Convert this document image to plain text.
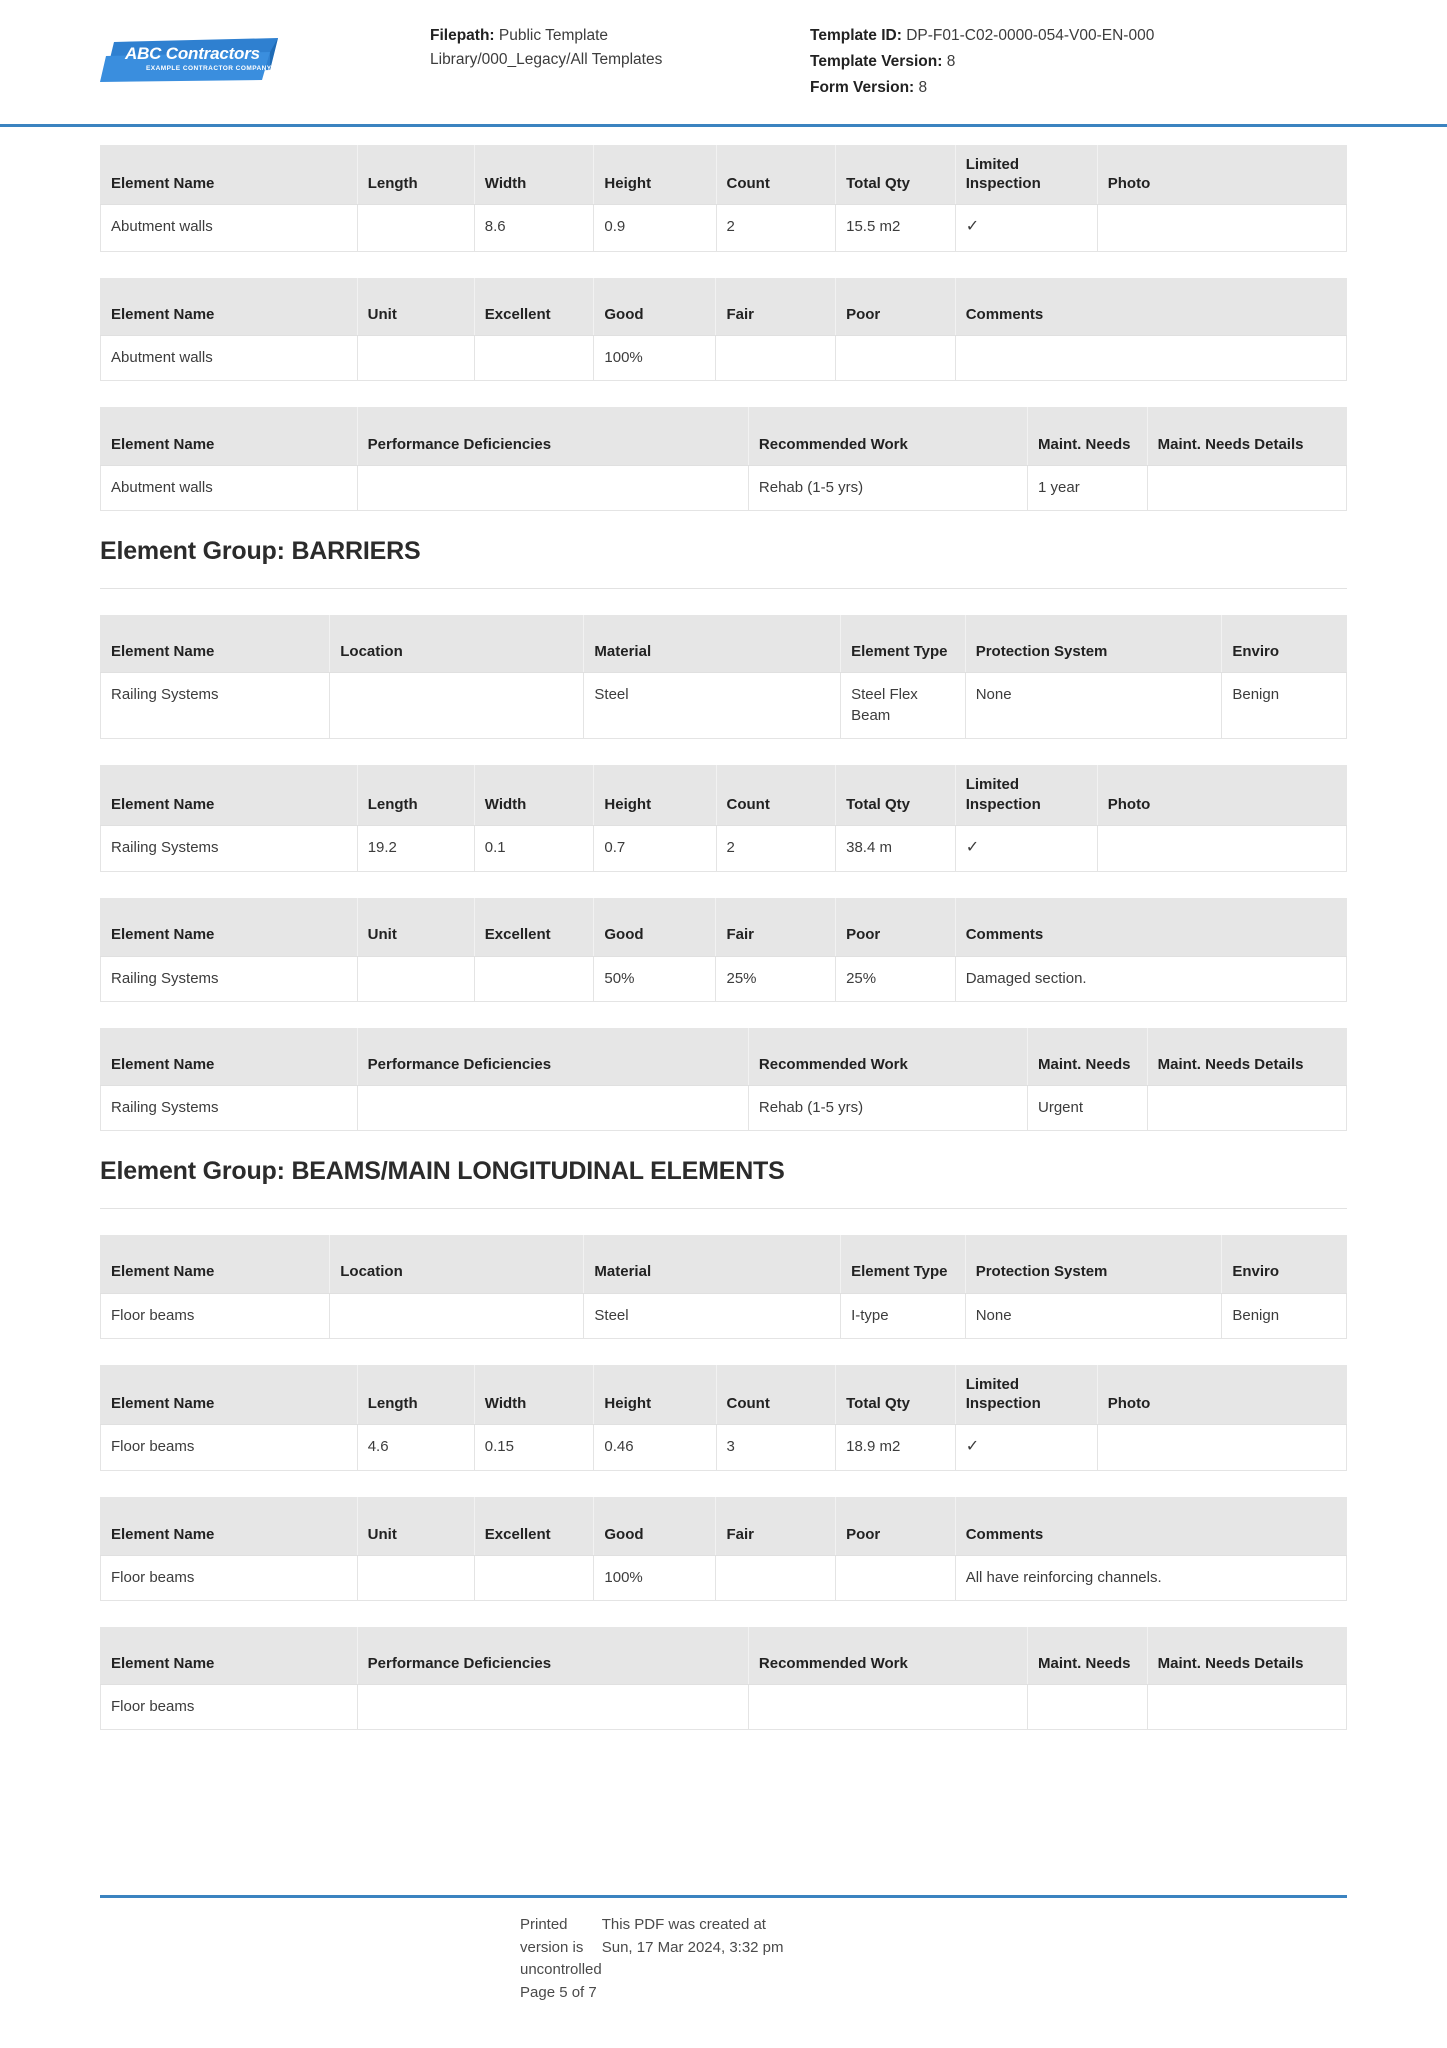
ABC Contractors
EXAMPLE CONTRACTOR COMPANY

Filepath: Public Template Library/000_Legacy/All Templates

Template ID: DP-F01-C02-0000-054-V00-EN-000

Template Version: 8

Form Version: 8

Element Name	Length	Width	Height	Count	Total Qty	Limited Inspection	Photo
Abutment walls		8.6	0.9	2	15.5 m2	✓	
Element Name	Unit	Excellent	Good	Fair	Poor	Comments
Abutment walls			100%			
Element Name	Performance Deficiencies	Recommended Work	Maint. Needs	Maint. Needs Details
Abutment walls		Rehab (1-5 yrs)	1 year	
Element Group: BARRIERS
Element Name	Location	Material	Element Type	Protection System	Enviro
Railing Systems		Steel	Steel Flex Beam	None	Benign
Element Name	Length	Width	Height	Count	Total Qty	Limited Inspection	Photo
Railing Systems	19.2	0.1	0.7	2	38.4 m	✓	
Element Name	Unit	Excellent	Good	Fair	Poor	Comments
Railing Systems			50%	25%	25%	Damaged section.
Element Name	Performance Deficiencies	Recommended Work	Maint. Needs	Maint. Needs Details
Railing Systems		Rehab (1-5 yrs)	Urgent	
Element Group: BEAMS/MAIN LONGITUDINAL ELEMENTS
Element Name	Location	Material	Element Type	Protection System	Enviro
Floor beams		Steel	I-type	None	Benign
Element Name	Length	Width	Height	Count	Total Qty	Limited Inspection	Photo
Floor beams	4.6	0.15	0.46	3	18.9 m2	✓	
Element Name	Unit	Excellent	Good	Fair	Poor	Comments
Floor beams			100%			All have reinforcing channels.
Element Name	Performance Deficiencies	Recommended Work	Maint. Needs	Maint. Needs Details
Floor beams				

Printed version is uncontrolled

Page 5 of 7

This PDF was created at

Sun, 17 Mar 2024, 3:32 pm
